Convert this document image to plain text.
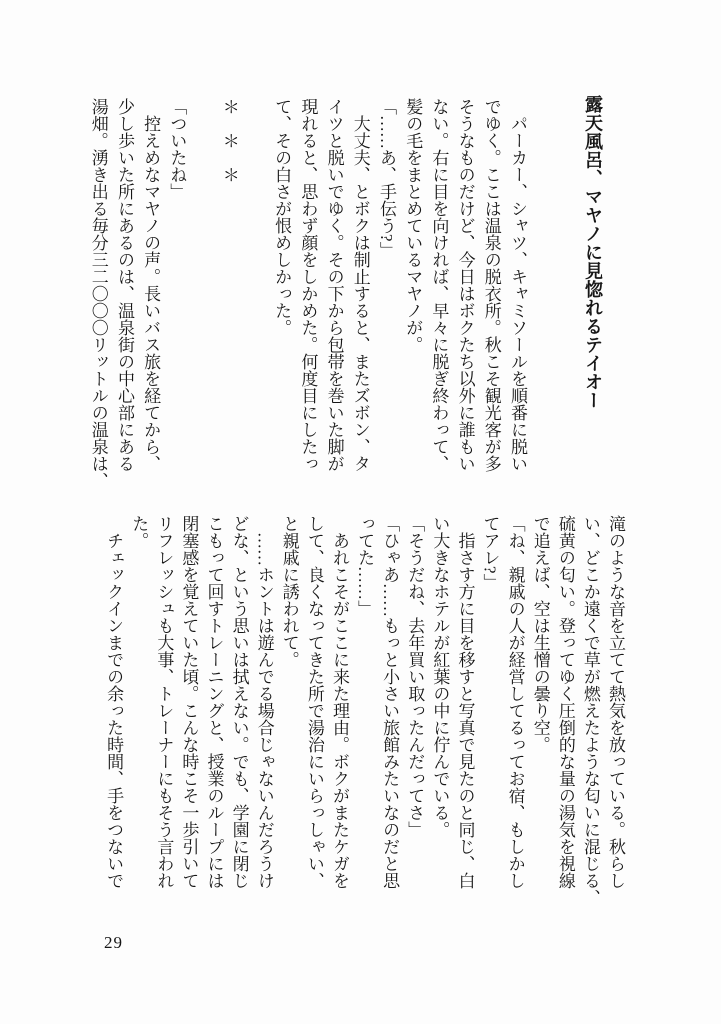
露天風呂、マヤノに見惚れるテイオー
　パーカー、シャツ、キャミソールを順番に脱い
でゆく。ここは温泉の脱衣所。秋こそ観光客が多
そうなものだけど、今日はボクたち以外に誰もい
ない。右に目を向ければ、早々に脱ぎ終わって、
髪の毛をまとめているマヤノが。
「……あ、手伝う?」
　大丈夫、とボクは制止すると、またズボン、タ
イツと脱いでゆく。その下から包帯を巻いた脚が
現れると、思わず顔をしかめた。何度目にしたっ
て、その白さが恨めしかった。

＊　＊　＊

「ついたね」
　控えめなマヤノの声。長いバス旅を経てから、
少し歩いた所にあるのは、温泉街の中心部にある
湯畑。湧き出る毎分三二〇〇〇リットルの温泉は、
滝のような音を立てて熱気を放っている。秋らし
い、どこか遠くで草が燃えたような匂いに混じる、
硫黄の匂い。登ってゆく圧倒的な量の湯気を視線
で追えば、空は生憎の曇り空。
「ね、親戚の人が経営してるってお宿、もしかし
てアレ?」
　指さす方に目を移すと写真で見たのと同じ、白
い大きなホテルが紅葉の中に佇んでいる。
「そうだね、去年買い取ったんだってさ」
「ひゃあ……もっと小さい旅館みたいなのだと思
ってた……」
　あれこそがここに来た理由。ボクがまたケガを
して、良くなってきた所で湯治にいらっしゃい、
と親戚に誘われて。
　……ホントは遊んでる場合じゃないんだろうけ
どな、という思いは拭えない。でも、学園に閉じ
こもって回すトレーニングと、授業のループには
閉塞感を覚えていた頃。こんな時こそ一歩引いて
リフレッシュも大事、トレーナーにもそう言われ
た。
　チェックインまでの余った時間、手をつないで
29
